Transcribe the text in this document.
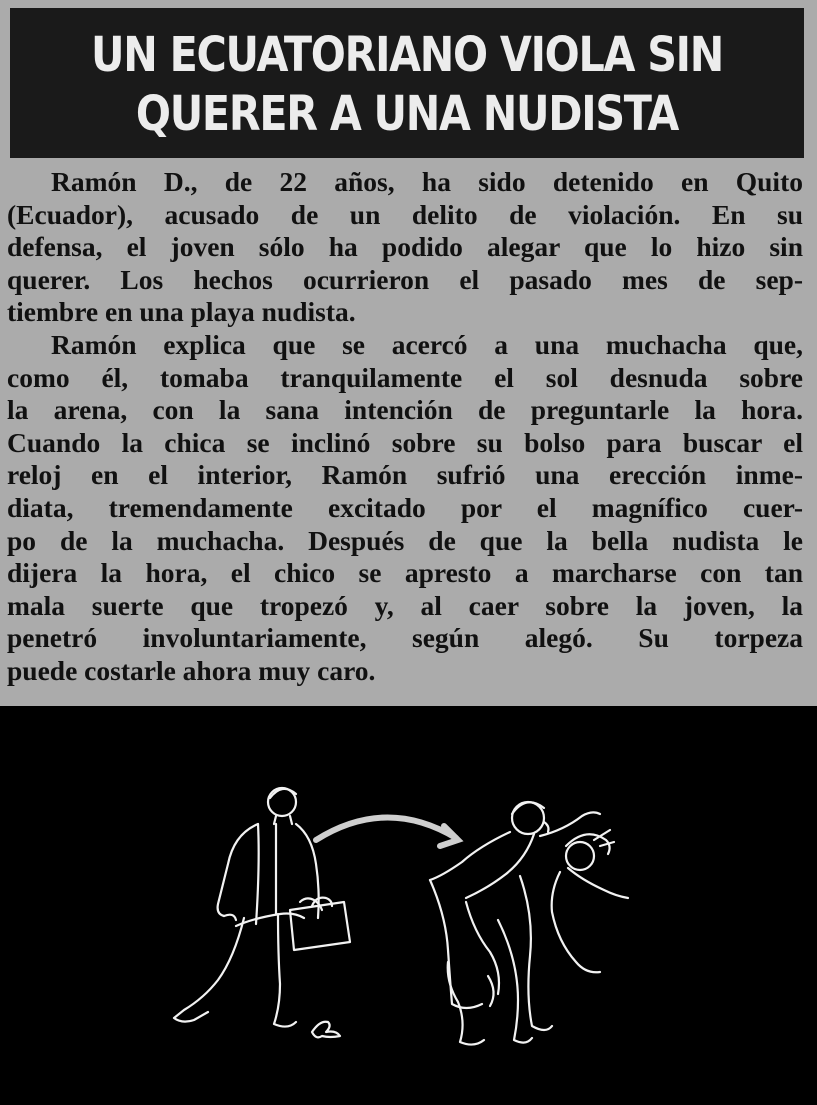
UN ECUATORIANO VIOLA SIN
QUERER A UNA NUDISTA

Ramón D., de 22 años, ha sido detenido en Quito
(Ecuador), acusado de un delito de violación. En su
defensa, el joven sólo ha podido alegar que lo hizo sin
querer. Los hechos ocurrieron el pasado mes de sep-
tiembre en una playa nudista.

Ramón explica que se acercó a una muchacha que,
como él, tomaba tranquilamente el sol desnuda sobre
la arena, con la sana intención de preguntarle la hora.
Cuando la chica se inclinó sobre su bolso para buscar el
reloj en el interior, Ramón sufrió una erección inme-
diata, tremendamente excitado por el magnífico cuer-
po de la muchacha. Después de que la bella nudista le
dijera la hora, el chico se apresto a marcharse con tan
mala suerte que tropezó y, al caer sobre la joven, la
penetró involuntariamente, según alegó. Su torpeza
puede costarle ahora muy caro.
